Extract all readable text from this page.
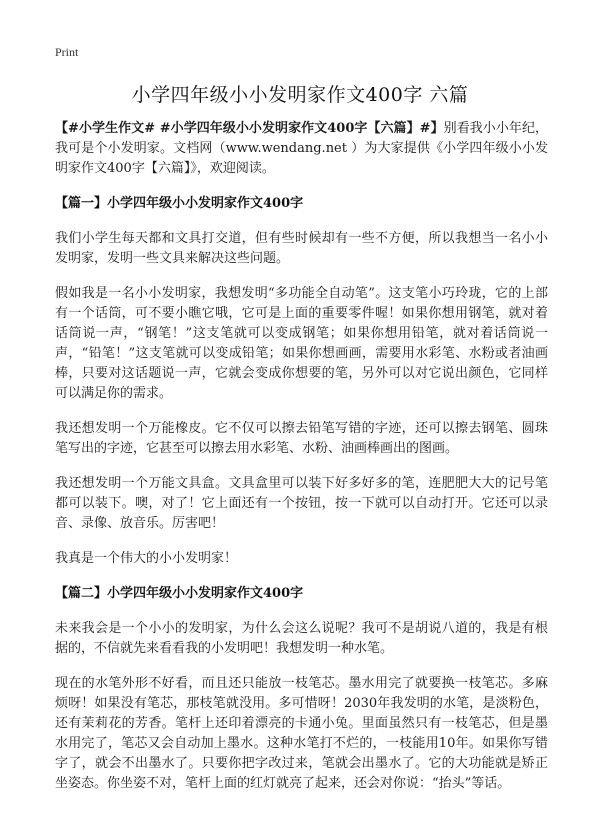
Print
小学四年级小小发明家作文400字 六篇

【#小学生作文# #小学四年级小小发明家作文400字【六篇】#】别看我小小年纪，我可是个小发明家。文档网（www.wendang.net ）为大家提供《小学四年级小小发明家作文400字【六篇】》，欢迎阅读。

【篇一】小学四年级小小发明家作文400字

我们小学生每天都和文具打交道，但有些时候却有一些不方便，所以我想当一名小小发明家，发明一些文具来解决这些问题。

假如我是一名小小发明家，我想发明“多功能全自动笔”。这支笔小巧玲珑，它的上部有一个话筒，可不要小瞧它哦，它可是上面的重要零件喔！如果你想用钢笔，就对着话筒说一声，“钢笔！”这支笔就可以变成钢笔；如果你想用铅笔，就对着话筒说一声，“铅笔！”这支笔就可以变成铅笔；如果你想画画，需要用水彩笔、水粉或者油画棒，只要对这话题说一声，它就会变成你想要的笔，另外可以对它说出颜色，它同样可以满足你的需求。

我还想发明一个万能橡皮。它不仅可以擦去铅笔写错的字迹，还可以擦去钢笔、圆珠笔写出的字迹，它甚至可以擦去用水彩笔、水粉、油画棒画出的图画。

我还想发明一个万能文具盒。文具盒里可以装下好多好多的笔，连肥肥大大的记号笔都可以装下。噢，对了！它上面还有一个按钮，按一下就可以自动打开。它还可以录音、录像、放音乐。厉害吧！

我真是一个伟大的小小发明家！

【篇二】小学四年级小小发明家作文400字

未来我会是一个小小的发明家，为什么会这么说呢？我可不是胡说八道的，我是有根据的，不信就先来看看我的小发明吧！我想发明一种水笔。

现在的水笔外形不好看，而且还只能放一枝笔芯。墨水用完了就要换一枝笔芯。多麻烦呀！如果没有笔芯，那枝笔就没用。多可惜呀！2030年我发明的水笔，是淡粉色，还有茉莉花的芳香。笔杆上还印着漂亮的卡通小兔。里面虽然只有一枝笔芯，但是墨水用完了，笔芯又会自动加上墨水。这种水笔打不烂的，一枝能用10年。如果你写错字了，就会不出墨水了。只要你把字改过来，笔就会出墨水了。它的大功能就是矫正坐姿态。你坐姿不对，笔杆上面的红灯就亮了起来，还会对你说：“抬头”等话。
